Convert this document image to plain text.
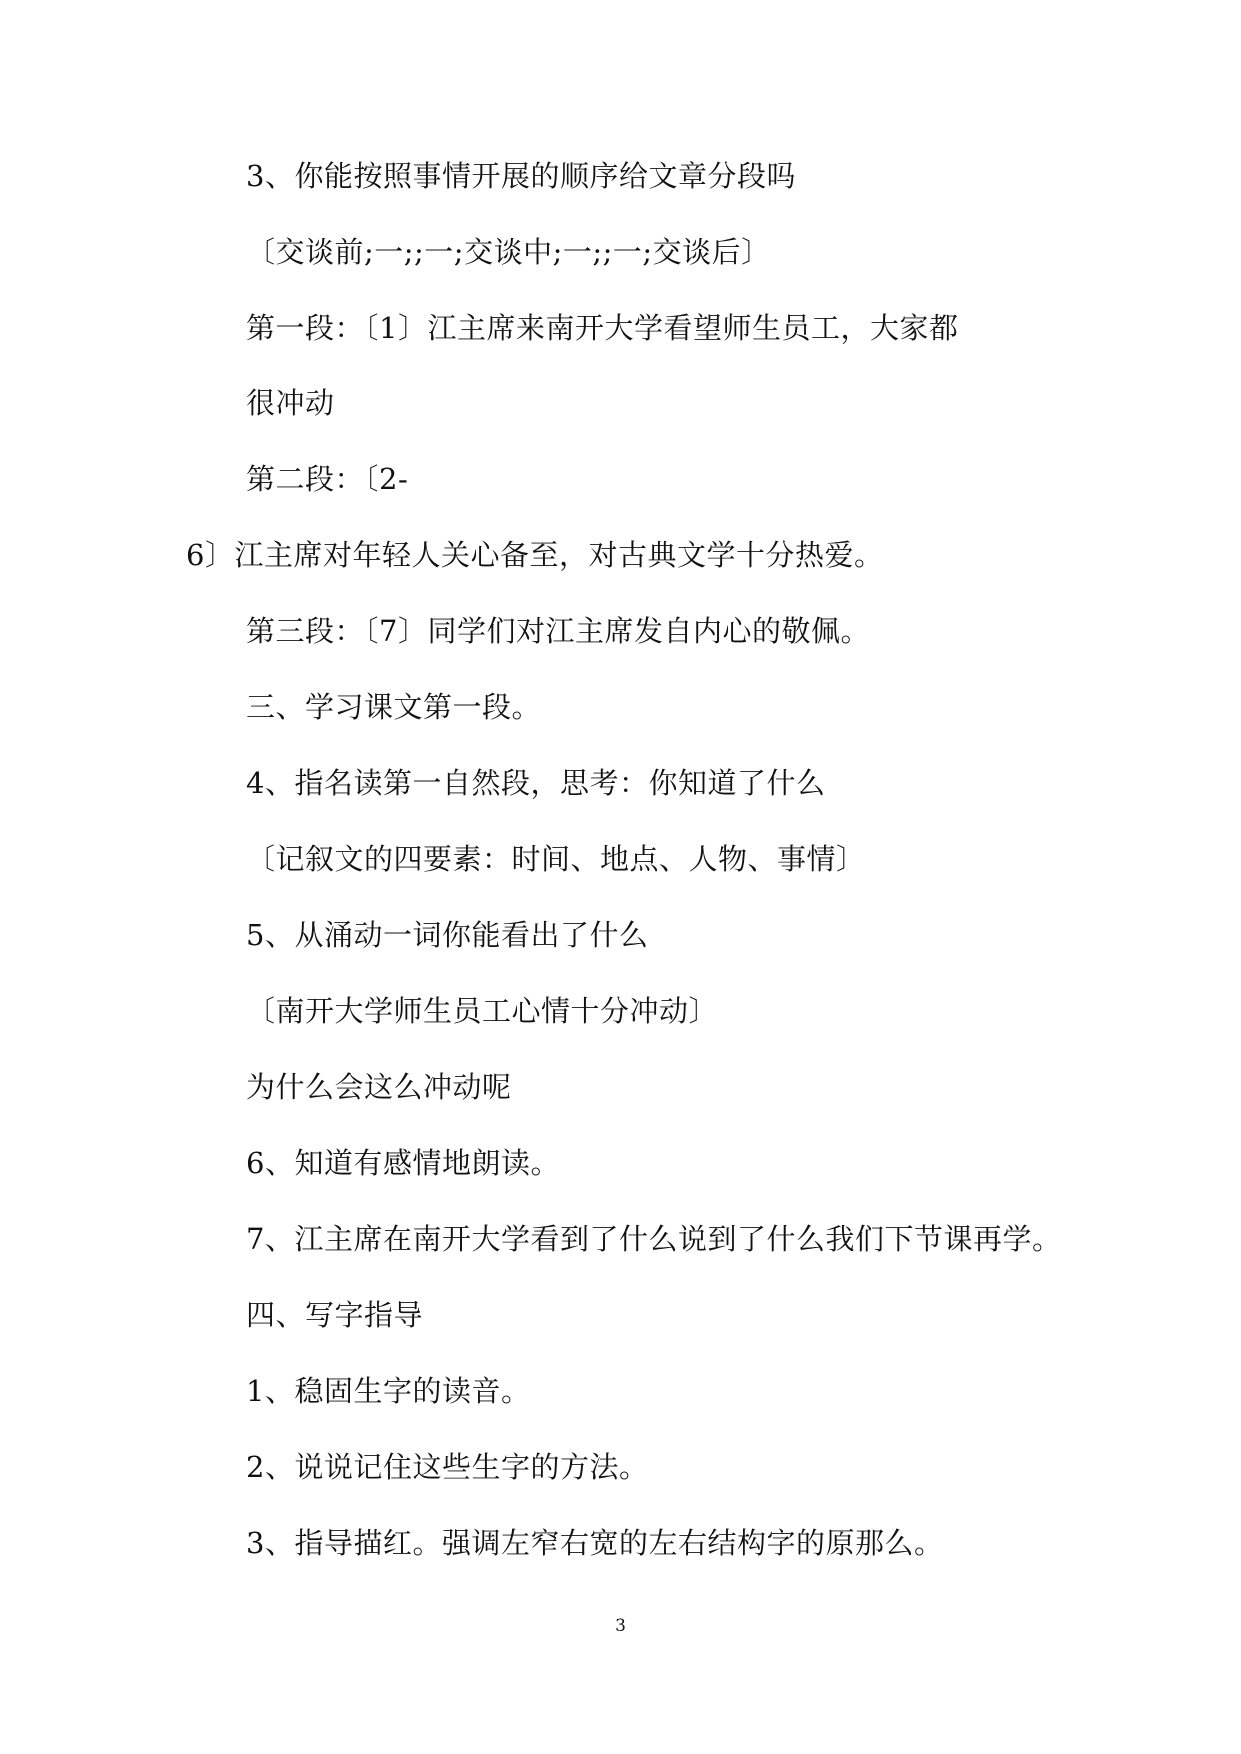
3、你能按照事情开展的顺序给文章分段吗
〔交谈前;一;;一;交谈中;一;;一;交谈后〕
第一段：〔1〕江主席来南开大学看望师生员工，大家都
很冲动
第二段：〔2-
6〕江主席对年轻人关心备至，对古典文学十分热爱。
第三段：〔7〕同学们对江主席发自内心的敬佩。
三、学习课文第一段。
4、指名读第一自然段，思考：你知道了什么
〔记叙文的四要素：时间、地点、人物、事情〕
5、从涌动一词你能看出了什么
〔南开大学师生员工心情十分冲动〕
为什么会这么冲动呢
6、知道有感情地朗读。
7、江主席在南开大学看到了什么说到了什么我们下节课再学。
四、写字指导
1、稳固生字的读音。
2、说说记住这些生字的方法。
3、指导描红。强调左窄右宽的左右结构字的原那么。
3
